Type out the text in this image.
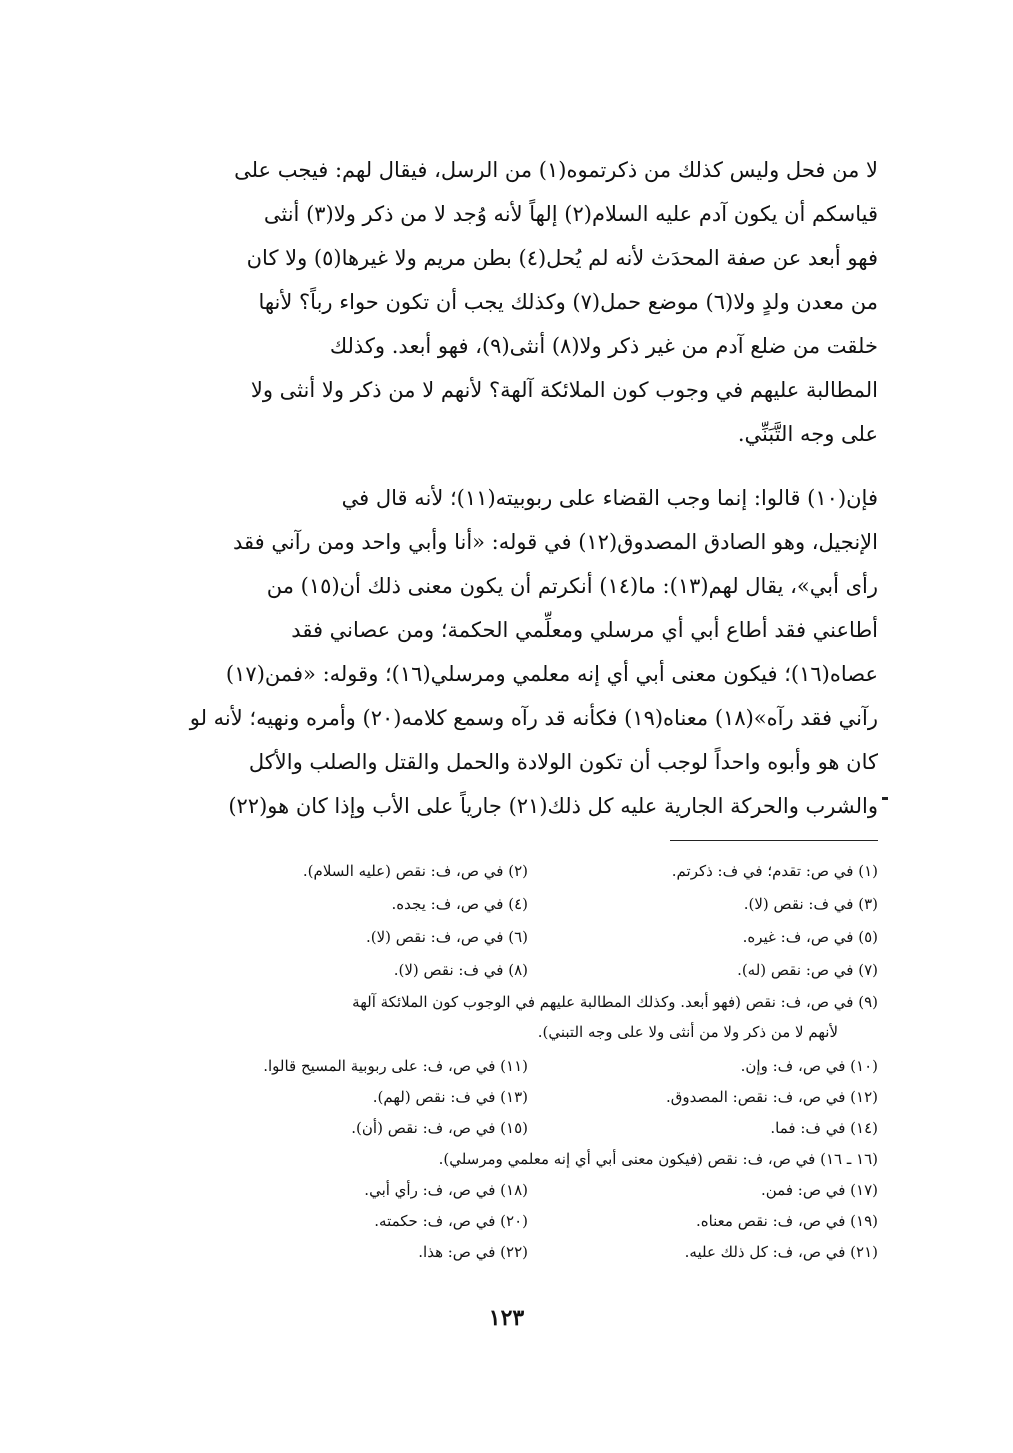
لا من فحل وليس كذلك من ذكرتموه(١) من الرسل، فيقال لهم: فيجب على
قياسكم أن يكون آدم عليه السلام(٢) إلهاً لأنه وُجد لا من ذكر ولا(٣) أنثى
فهو أبعد عن صفة المحدَث لأنه لم يُحل(٤) بطن مريم ولا غيرها(٥) ولا كان
من معدن ولدٍ ولا(٦) موضع حمل(٧) وكذلك يجب أن تكون حواء رباً؟ لأنها
خلقت من ضلع آدم من غير ذكر ولا(٨) أنثى(٩)، فهو أبعد. وكذلك
المطالبة عليهم في وجوب كون الملائكة آلهة؟ لأنهم لا من ذكر ولا أنثى ولا
على وجه التَّبَنِّي.
فإن(١٠) قالوا: إنما وجب القضاء على ربوبيته(١١)؛ لأنه قال في
الإنجيل، وهو الصادق المصدوق(١٢) في قوله: «أنا وأبي واحد ومن رآني فقد
رأى أبي»، يقال لهم(١٣): ما(١٤) أنكرتم أن يكون معنى ذلك أن(١٥) من
أطاعني فقد أطاع أبي أي مرسلي ومعلِّمي الحكمة؛ ومن عصاني فقد
عصاه(١٦)؛ فيكون معنى أبي أي إنه معلمي ومرسلي(١٦)؛ وقوله: «فمن(١٧)
رآني فقد رآه»(١٨) معناه(١٩) فكأنه قد رآه وسمع كلامه(٢٠) وأمره ونهيه؛ لأنه لو
كان هو وأبوه واحداً لوجب أن تكون الولادة والحمل والقتل والصلب والأكل
والشرب والحركة الجارية عليه كل ذلك(٢١) جارياً على الأب وإذا كان هو(٢٢)
(١) في ص: تقدم؛ في ف: ذكرتم.
(٢) في ص، ف: نقص (عليه السلام).
(٣) في ف: نقص (لا).
(٤) في ص، ف: يجده.
(٥) في ص، ف: غيره.
(٦) في ص، ف: نقص (لا).
(٧) في ص: نقص (له).
(٨) في ف: نقص (لا).
(٩) في ص، ف: نقص (فهو أبعد. وكذلك المطالبة عليهم في الوجوب كون الملائكة آلهة
لأنهم لا من ذكر ولا من أنثى ولا على وجه التبني).
(١٠) في ص، ف: وإن.
(١١) في ص، ف: على ربوبية المسيح قالوا.
(١٢) في ص، ف: نقص: المصدوق.
(١٣) في ف: نقص (لهم).
(١٤) في ف: فما.
(١٥) في ص، ف: نقص (أن).
(١٦ ـ ١٦) في ص، ف: نقص (فيكون معنى أبي أي إنه معلمي ومرسلي).
(١٧) في ص: فمن.
(١٨) في ص، ف: رأي أبي.
(١٩) في ص، ف: نقص معناه.
(٢٠) في ص، ف: حكمته.
(٢١) في ص، ف: كل ذلك عليه.
(٢٢) في ص: هذا.
١٢٣
